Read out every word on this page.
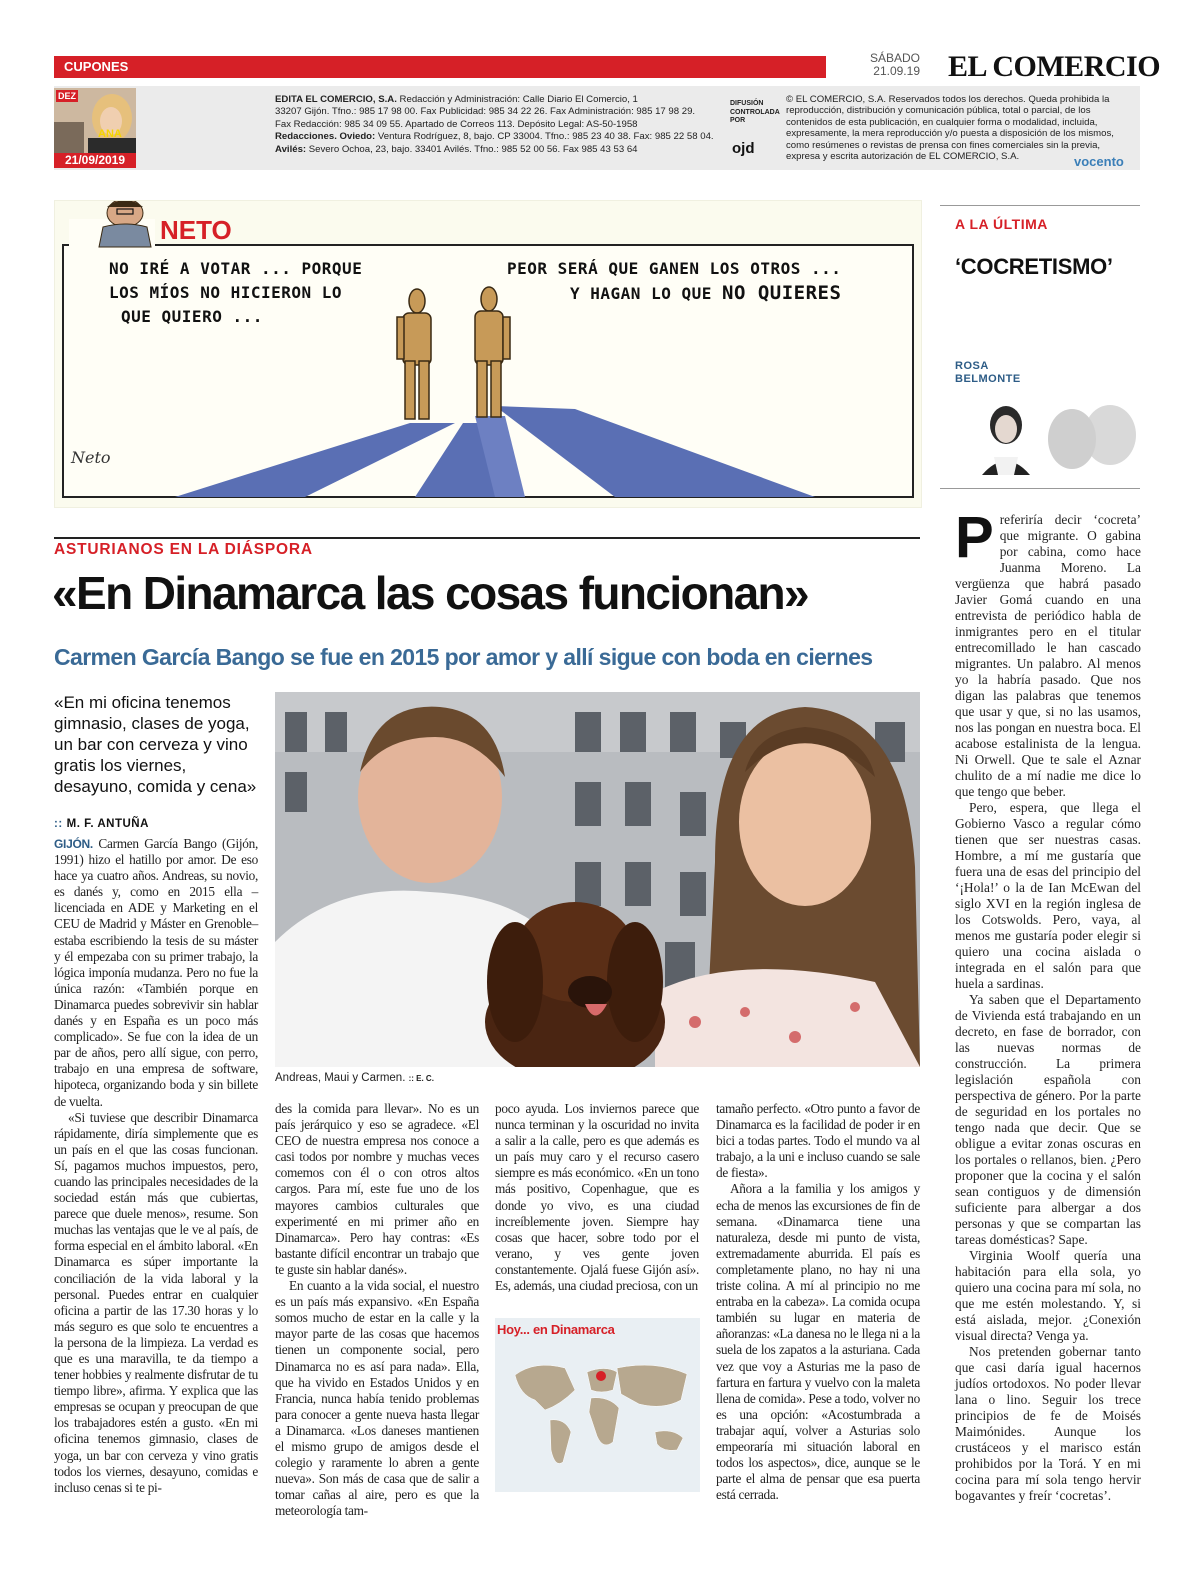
CUPONES
SÁBADO
21.09.19 EL COMERCIO
DEZ
ANA
21/09/2019
EDITA EL COMERCIO, S.A. Redacción y Administración: Calle Diario El Comercio, 1
33207 Gijón. Tfno.: 985 17 98 00. Fax Publicidad: 985 34 22 26. Fax Administración: 985 17 98 29.
Fax Redacción: 985 34 09 55. Apartado de Correos 113. Depósito Legal: AS-50-1958
Redacciones. Oviedo: Ventura Rodríguez, 8, bajo. CP 33004. Tfno.: 985 23 40 38. Fax: 985 22 58 04.
Avilés: Severo Ochoa, 23, bajo. 33401 Avilés. Tfno.: 985 52 00 56. Fax 985 43 53 64
DIFUSIÓN CONTROLADA POR
ojd
© EL COMERCIO, S.A. Reservados todos los derechos. Queda prohibida la reproducción, distribución y comunicación pública, total o parcial, de los contenidos de esta publicación, en cualquier forma o modalidad, incluida, expresamente, la mera reproducción y/o puesta a disposición de los mismos, como resúmenes o revistas de prensa con fines comerciales sin la previa, expresa y escrita autorización de EL COMERCIO, S.A.	vocento
Neto
NO IRÉ A VOTAR ... PORQUE
LOS MÍOS NO HICIERON LO
QUE QUIERO ...
PEOR SERÁ QUE GANEN LOS OTROS ...
Y HAGAN LO QUE NO QUIERES
NETO	A LA ÚLTIMA
‘COCRETISMO’
ROSA
BELMONTE

Preferiría decir ‘cocreta’ que migrante. O gabina por cabina, como hace Juanma Moreno. La vergüenza que habrá pasado Javier Gomá cuando en una entrevista de periódico habla de inmigrantes pero en el titular entrecomillado le han cascado migrantes. Un palabro. Al menos yo la habría pasado. Que nos digan las palabras que tenemos que usar y que, si no las usamos, nos las pongan en nuestra boca. El acabose estalinista de la lengua. Ni Orwell. Que te sale el Aznar chulito de a mí nadie me dice lo que tengo que beber.

Pero, espera, que llega el Gobierno Vasco a regular cómo tienen que ser nuestras casas. Hombre, a mí me gustaría que fuera una de esas del principio del ‘¡Hola!’ o la de Ian McEwan del siglo XVI en la región inglesa de los Cotswolds. Pero, vaya, al menos me gustaría poder elegir si quiero una cocina aislada o integrada en el salón para que huela a sardinas.

Ya saben que el Departamento de Vivienda está trabajando en un decreto, en fase de borrador, con las nuevas normas de construcción. La primera legislación española con perspectiva de género. Por la parte de seguridad en los portales no tengo nada que decir. Que se obligue a evitar zonas oscuras en los portales o rellanos, bien. ¿Pero proponer que la cocina y el salón sean contiguos y de dimensión suficiente para albergar a dos personas y que se compartan las tareas domésticas? Sape.

Virginia Woolf quería una habitación para ella sola, yo quiero una cocina para mí sola, no que me estén molestando. Y, si está aislada, mejor. ¿Conexión visual directa? Venga ya.

Nos pretenden gobernar tanto que casi daría igual hacernos judíos ortodoxos. No poder llevar lana o lino. Seguir los trece principios de fe de Moisés Maimónides. Aunque los crustáceos y el marisco están prohibidos por la Torá. Y en mi cocina para mí sola tengo hervir bogavantes y freír ‘cocretas’.

ASTURIANOS EN LA DIÁSPORA
«En Dinamarca las cosas funcionan»
Carmen García Bango se fue en 2015 por amor y allí sigue con boda en ciernes
«En mi oficina tenemos gimnasio, clases de yoga, un bar con cerveza y vino gratis los viernes, desayuno, comida y cena»
:: M. F. ANTUÑA
Andreas, Maui y Carmen. :: E. C.

GIJÓN. Carmen García Bango (Gijón, 1991) hizo el hatillo por amor. De eso hace ya cuatro años. Andreas, su novio, es danés y, como en 2015 ella –licenciada en ADE y Marketing en el CEU de Madrid y Máster en Grenoble– estaba escribiendo la tesis de su máster y él empezaba con su primer trabajo, la lógica imponía mudanza. Pero no fue la única razón: «También porque en Dinamarca puedes sobrevivir sin hablar danés y en España es un poco más complicado». Se fue con la idea de un par de años, pero allí sigue, con perro, trabajo en una empresa de software, hipoteca, organizando boda y sin billete de vuelta.

«Si tuviese que describir Dinamarca rápidamente, diría simplemente que es un país en el que las cosas funcionan. Sí, pagamos muchos impuestos, pero, cuando las principales necesidades de la sociedad están más que cubiertas, parece que duele menos», resume. Son muchas las ventajas que le ve al país, de forma especial en el ámbito laboral. «En Dinamarca es súper importante la conciliación de la vida laboral y la personal. Puedes entrar en cualquier oficina a partir de las 17.30 horas y lo más seguro es que solo te encuentres a la persona de la limpieza. La verdad es que es una maravilla, te da tiempo a tener hobbies y realmente disfrutar de tu tiempo libre», afirma. Y explica que las empresas se ocupan y preocupan de que los trabajadores estén a gusto. «En mi oficina tenemos gimnasio, clases de yoga, un bar con cerveza y vino gratis todos los viernes, desayuno, comidas e incluso cenas si te pi-

des la comida para llevar». No es un país jerárquico y eso se agradece. «El CEO de nuestra empresa nos conoce a casi todos por nombre y muchas veces comemos con él o con otros altos cargos. Para mí, este fue uno de los mayores cambios culturales que experimenté en mi primer año en Dinamarca». Pero hay contras: «Es bastante difícil encontrar un trabajo que te guste sin hablar danés».

En cuanto a la vida social, el nuestro es un país más expansivo. «En España somos mucho de estar en la calle y la mayor parte de las cosas que hacemos tienen un componente social, pero Dinamarca no es así para nada». Ella, que ha vivido en Estados Unidos y en Francia, nunca había tenido problemas para conocer a gente nueva hasta llegar a Dinamarca. «Los daneses mantienen el mismo grupo de amigos desde el colegio y raramente lo abren a gente nueva». Son más de casa que de salir a tomar cañas al aire, pero es que la meteorología tam-

poco ayuda. Los inviernos parece que nunca terminan y la oscuridad no invita a salir a la calle, pero es que además es un país muy caro y el recurso casero siempre es más económico. «En un tono más positivo, Copenhague, que es donde yo vivo, es una ciudad increíblemente joven. Siempre hay cosas que hacer, sobre todo por el verano, y ves gente joven constantemente. Ojalá fuese Gijón así». Es, además, una ciudad preciosa, con un

tamaño perfecto. «Otro punto a favor de Dinamarca es la facilidad de poder ir en bici a todas partes. Todo el mundo va al trabajo, a la uni e incluso cuando se sale de fiesta».

Añora a la familia y los amigos y echa de menos las excursiones de fin de semana. «Dinamarca tiene una naturaleza, desde mi punto de vista, extremadamente aburrida. El país es completamente plano, no hay ni una triste colina. A mí al principio no me entraba en la cabeza». La comida ocupa también su lugar en materia de añoranzas: «La danesa no le llega ni a la suela de los zapatos a la asturiana. Cada vez que voy a Asturias me la paso de fartura en fartura y vuelvo con la maleta llena de comida». Pese a todo, volver no es una opción: «Acostumbrada a trabajar aquí, volver a Asturias solo empeoraría mi situación laboral en todos los aspectos», dice, aunque se le parte el alma de pensar que esa puerta está cerrada.

Hoy... en Dinamarca
